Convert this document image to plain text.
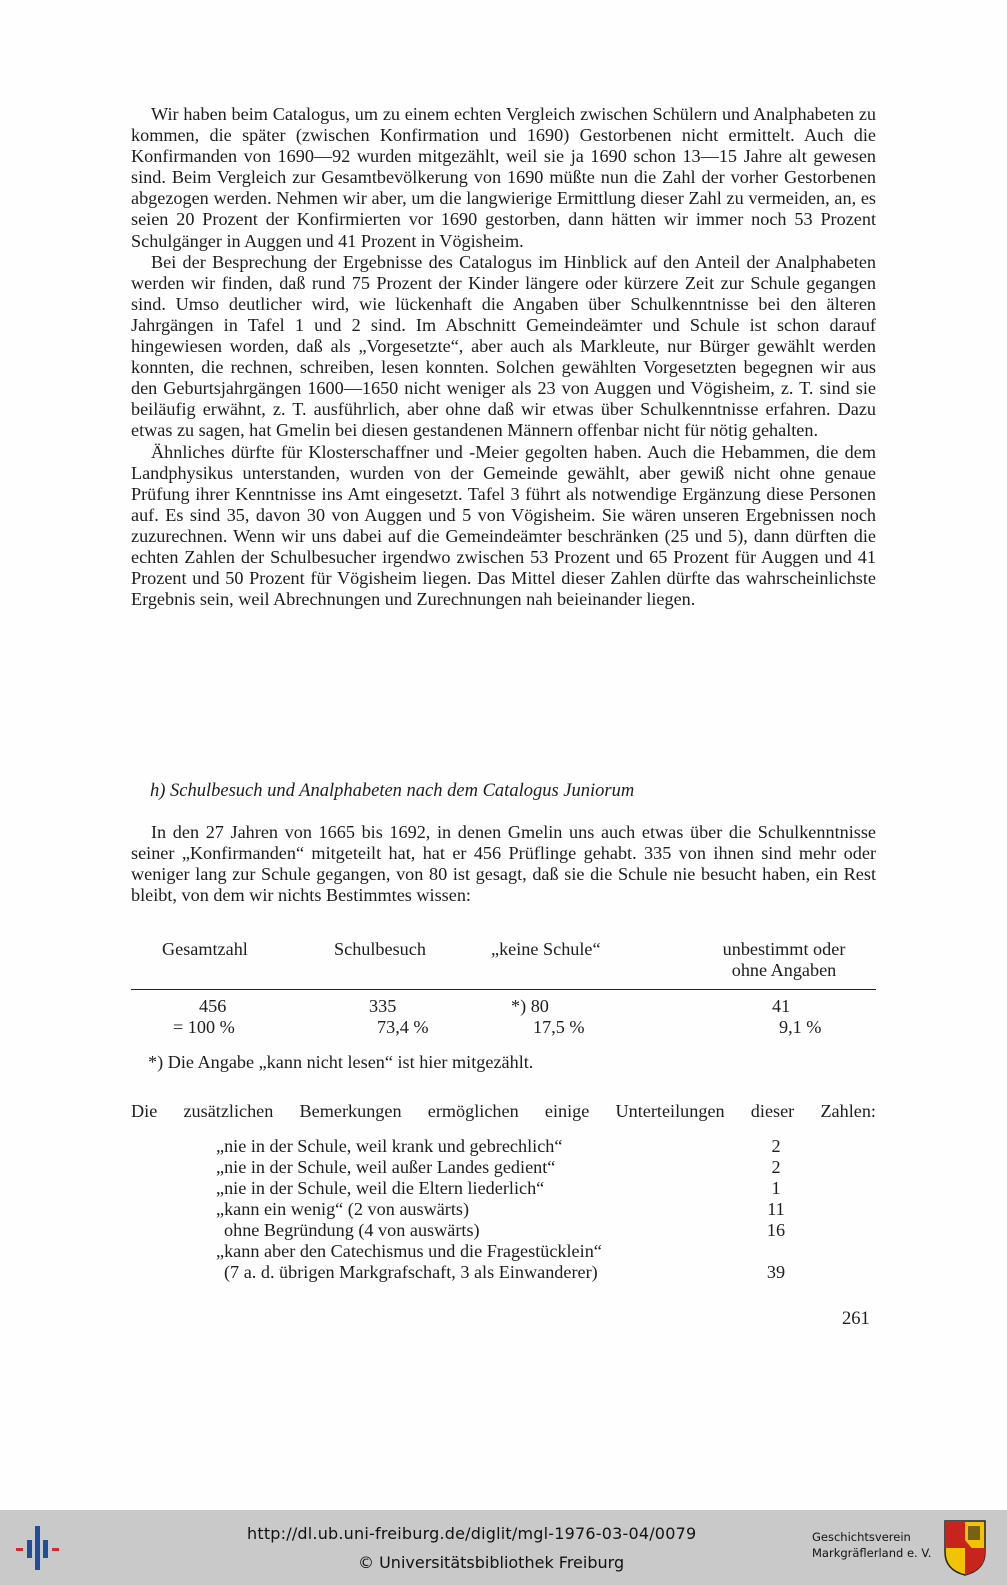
Wir haben beim Catalogus, um zu einem echten Vergleich zwischen Schülern und Analphabeten zu kommen, die später (zwischen Konfirmation und 1690) Gestorbenen nicht ermittelt. Auch die Konfirmanden von 1690—92 wurden mitgezählt, weil sie ja 1690 schon 13—15 Jahre alt gewesen sind. Beim Vergleich zur Gesamtbevölkerung von 1690 müßte nun die Zahl der vorher Gestorbenen abgezogen werden. Nehmen wir aber, um die langwierige Ermittlung dieser Zahl zu vermeiden, an, es seien 20 Prozent der Konfirmierten vor 1690 gestorben, dann hätten wir immer noch 53 Prozent Schulgänger in Auggen und 41 Prozent in Vögisheim.

Bei der Besprechung der Ergebnisse des Catalogus im Hinblick auf den Anteil der Analphabeten werden wir finden, daß rund 75 Prozent der Kinder längere oder kürzere Zeit zur Schule gegangen sind. Umso deutlicher wird, wie lückenhaft die Angaben über Schulkenntnisse bei den älteren Jahrgängen in Tafel 1 und 2 sind. Im Abschnitt Gemeindeämter und Schule ist schon darauf hingewiesen worden, daß als „Vorgesetzte“, aber auch als Markleute, nur Bürger gewählt werden konnten, die rechnen, schreiben, lesen konnten. Solchen gewählten Vorgesetzten begegnen wir aus den Geburtsjahrgängen 1600—1650 nicht weniger als 23 von Auggen und Vögisheim, z. T. sind sie beiläufig erwähnt, z. T. ausführlich, aber ohne daß wir etwas über Schulkenntnisse erfahren. Dazu etwas zu sagen, hat Gmelin bei diesen gestandenen Männern offenbar nicht für nötig gehalten.

Ähnliches dürfte für Klosterschaffner und -Meier gegolten haben. Auch die Hebammen, die dem Landphysikus unterstanden, wurden von der Gemeinde gewählt, aber gewiß nicht ohne genaue Prüfung ihrer Kenntnisse ins Amt eingesetzt. Tafel 3 führt als notwendige Ergänzung diese Personen auf. Es sind 35, davon 30 von Auggen und 5 von Vögisheim. Sie wären unseren Ergebnissen noch zuzurechnen. Wenn wir uns dabei auf die Gemeindeämter beschränken (25 und 5), dann dürften die echten Zahlen der Schulbesucher irgendwo zwischen 53 Prozent und 65 Prozent für Auggen und 41 Prozent und 50 Prozent für Vögisheim liegen. Das Mittel dieser Zahlen dürfte das wahrscheinlichste Ergebnis sein, weil Abrechnungen und Zurechnungen nah beieinander liegen.

h) Schulbesuch und Analphabeten nach dem Catalogus Juniorum

In den 27 Jahren von 1665 bis 1692, in denen Gmelin uns auch etwas über die Schulkenntnisse seiner „Konfirmanden“ mitgeteilt hat, hat er 456 Prüflinge gehabt. 335 von ihnen sind mehr oder weniger lang zur Schule gegangen, von 80 ist gesagt, daß sie die Schule nie besucht haben, ein Rest bleibt, von dem wir nichts Bestimmtes wissen:

Gesamtzahl	Schulbesuch	„keine Schule“	unbestimmt oder
ohne Angaben
456	335	*) 80	41
= 100 %	73,4 %	17,5 %	9,1 %
*) Die Angabe „kann nicht lesen“ ist hier mitgezählt.
Die zusätzlichen Bemerkungen ermöglichen einige Unterteilungen dieser Zahlen:
„nie in der Schule, weil krank und gebrechlich“	2
„nie in der Schule, weil außer Landes gedient“	2
„nie in der Schule, weil die Eltern liederlich“	1
„kann ein wenig“ (2 von auswärts)	11
ohne Begründung (4 von auswärts)	16
„kann aber den Catechismus und die Fragestücklein“
(7 a. d. übrigen Markgrafschaft, 3 als Einwanderer)	39
261
http://dl.ub.uni-freiburg.de/diglit/mgl-1976-03-04/0079
© Universitätsbibliothek Freiburg
Geschichtsverein
Markgräflerland e. V.
